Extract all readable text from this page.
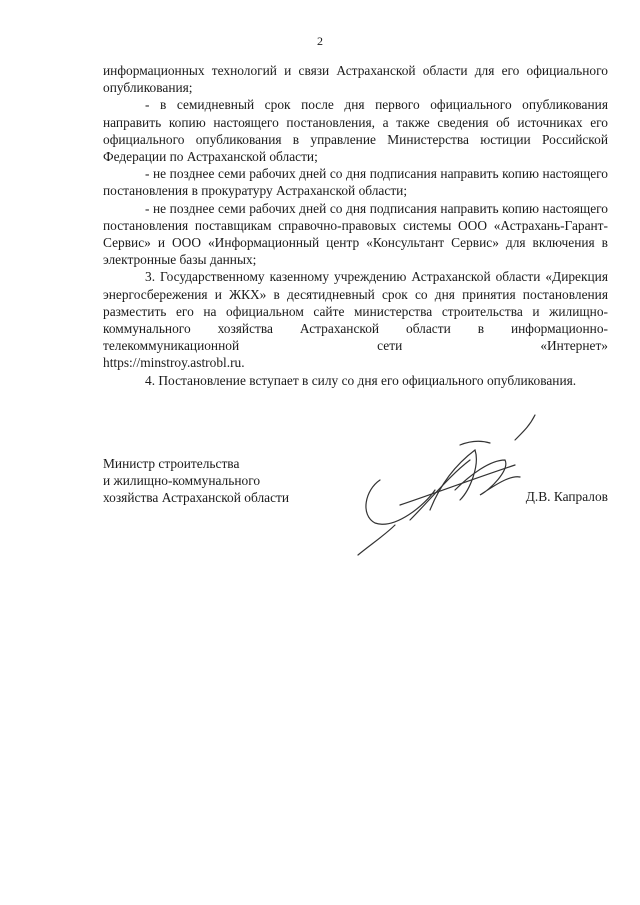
2

информационных технологий и связи Астраханской области для его официального опубликования;

- в семидневный срок после дня первого официального опубликования направить копию настоящего постановления, а также сведения об источниках его официального опубликования в управление Министерства юстиции Российской Федерации по Астраханской области;

- не позднее семи рабочих дней со дня подписания направить копию настоящего постановления в прокуратуру Астраханской области;

- не позднее семи рабочих дней со дня подписания направить копию настоящего постановления поставщикам справочно-правовых системы ООО «Астрахань-Гарант-Сервис» и ООО «Информационный центр «Консультант Сервис» для включения в электронные базы данных;

3. Государственному казенному учреждению Астраханской области «Дирекция энергосбережения и ЖКХ» в десятидневный срок со дня принятия постановления разместить его на официальном сайте министерства строительства и жилищно-коммунального хозяйства Астраханской области в информационно-телекоммуникационной сети «Интернет»

https://minstroy.astrobl.ru.

4. Постановление вступает в силу со дня его официального опубликования.

Министр строительства
и жилищно-коммунального
хозяйства Астраханской области	Д.В. Капралов
